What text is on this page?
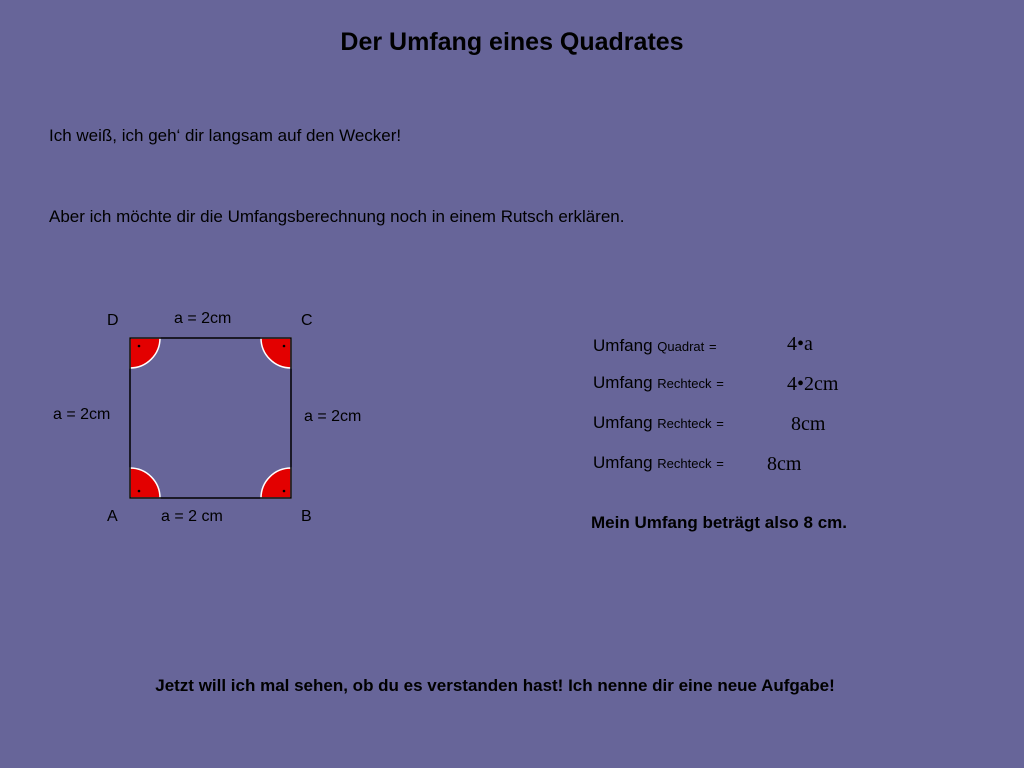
Der Umfang eines Quadrates
Ich weiß, ich geh‘ dir langsam auf den Wecker!
Aber ich möchte dir die Umfangsberechnung noch in einem Rutsch erklären.
D	C
A	B
a = 2cm
a = 2cm	a = 2cm
a = 2 cm
Umfang Quadrat =	4•a
Umfang Rechteck =	4•2cm
Umfang Rechteck =	8cm
Umfang Rechteck = 8cm
Mein Umfang beträgt also 8 cm.
Jetzt will ich mal sehen, ob du es verstanden hast! Ich nenne dir eine neue Aufgabe!
